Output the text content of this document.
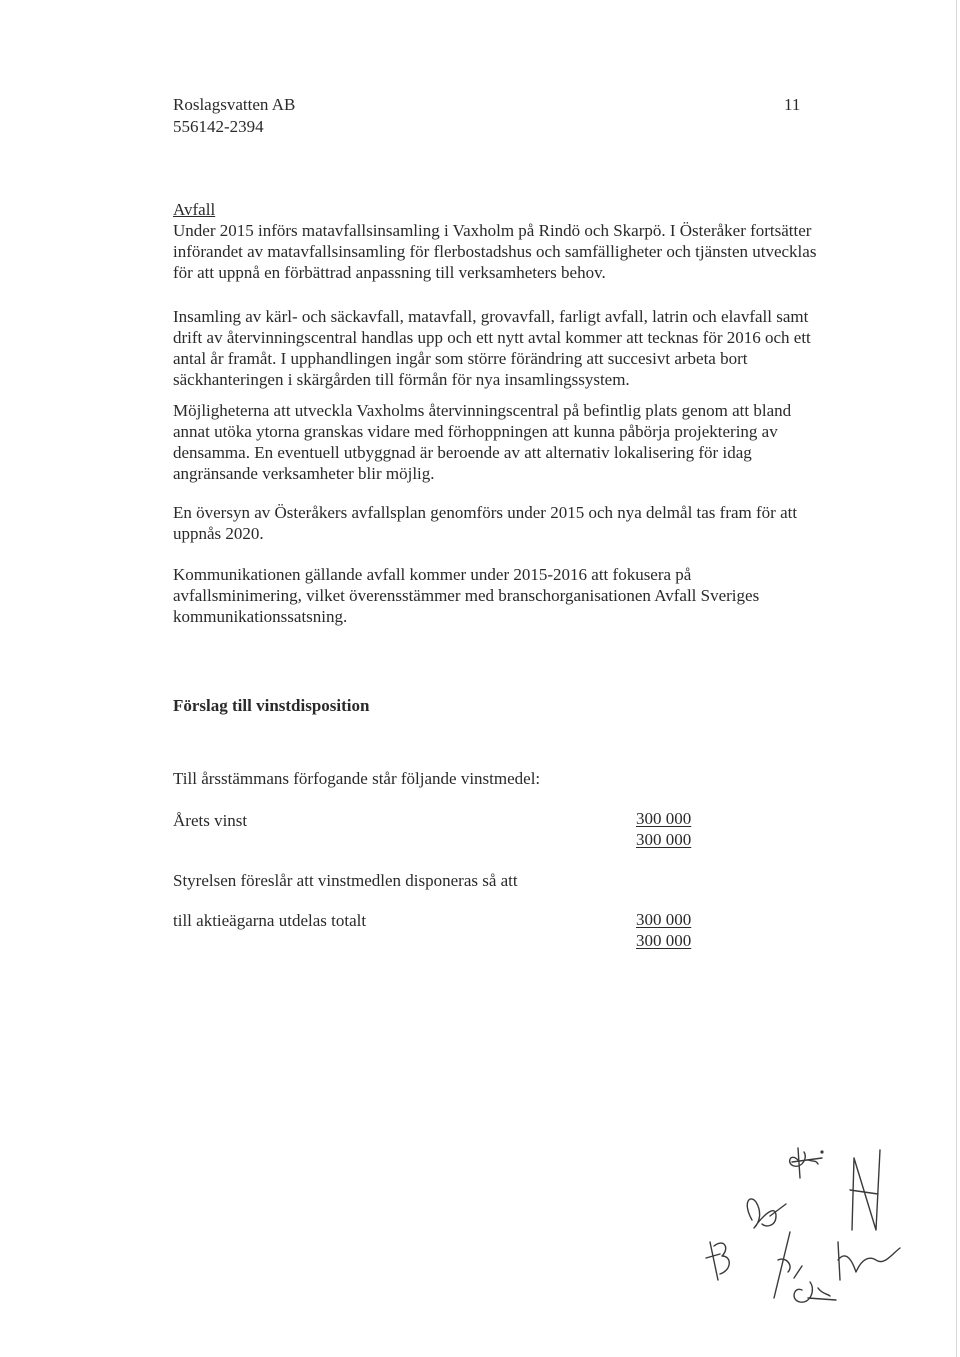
Roslagsvatten AB
556142-2394
11
Avfall
Under 2015 införs matavfallsinsamling i Vaxholm på Rindö och Skarpö. I Österåker fortsätter införandet av matavfallsinsamling för flerbostadshus och samfälligheter och tjänsten utvecklas för att uppnå en förbättrad anpassning till verksamheters behov.
Insamling av kärl- och säckavfall, matavfall, grovavfall, farligt avfall, latrin och elavfall samt drift av återvinningscentral handlas upp och ett nytt avtal kommer att tecknas för 2016 och ett antal år framåt. I upphandlingen ingår som större förändring att succesivt arbeta bort säckhanteringen i skärgården till förmån för nya insamlingssystem.
Möjligheterna att utveckla Vaxholms återvinningscentral på befintlig plats genom att bland annat utöka ytorna granskas vidare med förhoppningen att kunna påbörja projektering av densamma. En eventuell utbyggnad är beroende av att alternativ lokalisering för idag angränsande verksamheter blir möjlig.
En översyn av Österåkers avfallsplan genomförs under 2015 och nya delmål tas fram för att uppnås 2020.
Kommunikationen gällande avfall kommer under 2015-2016 att fokusera på avfallsminimering, vilket överensstämmer med branschorganisationen Avfall Sveriges kommunikationssatsning.
Förslag till vinstdisposition
Till årsstämmans förfogande står följande vinstmedel:
Årets vinst	300 000
300 000
Styrelsen föreslår att vinstmedlen disponeras så att
till aktieägarna utdelas totalt	300 000
300 000
